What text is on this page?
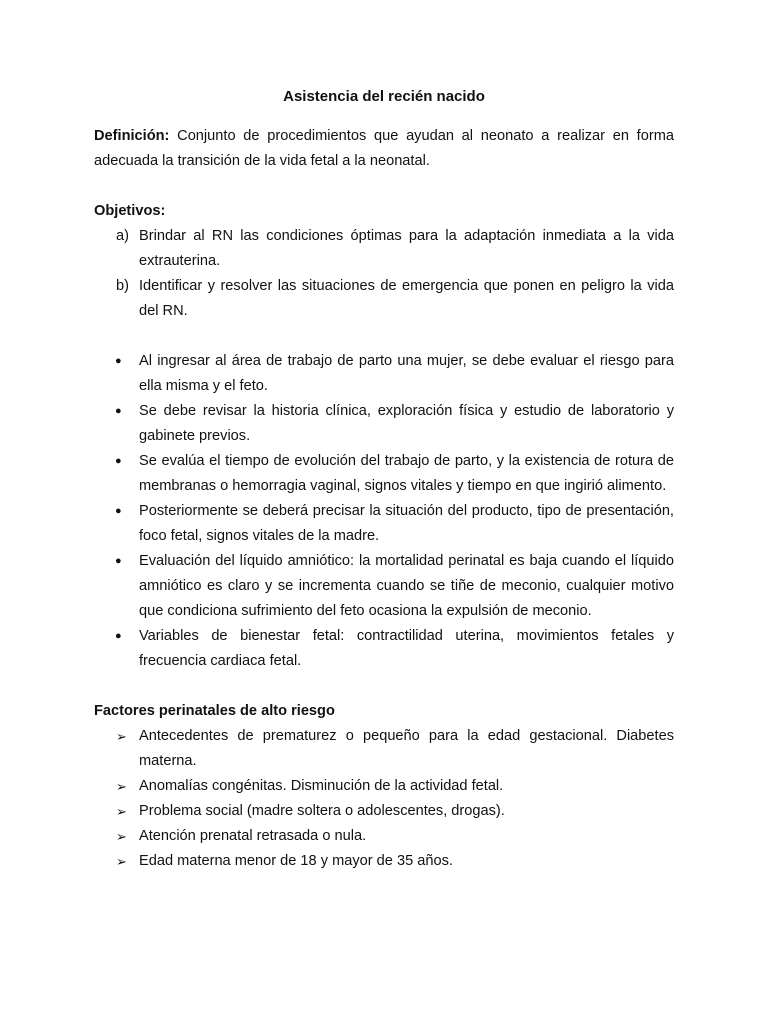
Asistencia del recién nacido

Definición: Conjunto de procedimientos que ayudan al neonato a realizar en forma adecuada la transición de la vida fetal a la neonatal.

Objetivos:

a) Brindar al RN las condiciones óptimas para la adaptación inmediata a la vida extrauterina.
b) Identificar y resolver las situaciones de emergencia que ponen en peligro la vida del RN.
● Al ingresar al área de trabajo de parto una mujer, se debe evaluar el riesgo para ella misma y el feto.
● Se debe revisar la historia clínica, exploración física y estudio de laboratorio y gabinete previos.
● Se evalúa el tiempo de evolución del trabajo de parto, y la existencia de rotura de membranas o hemorragia vaginal, signos vitales y tiempo en que ingirió alimento.
● Posteriormente se deberá precisar la situación del producto, tipo de presentación, foco fetal, signos vitales de la madre.
● Evaluación del líquido amniótico: la mortalidad perinatal es baja cuando el líquido amniótico es claro y se incrementa cuando se tiñe de meconio, cualquier motivo que condiciona sufrimiento del feto ocasiona la expulsión de meconio.
● Variables de bienestar fetal: contractilidad uterina, movimientos fetales y frecuencia cardiaca fetal.

Factores perinatales de alto riesgo

➢ Antecedentes de prematurez o pequeño para la edad gestacional. Diabetes materna.
➢ Anomalías congénitas. Disminución de la actividad fetal.
➢ Problema social (madre soltera o adolescentes, drogas).
➢ Atención prenatal retrasada o nula.
➢ Edad materna menor de 18 y mayor de 35 años.
